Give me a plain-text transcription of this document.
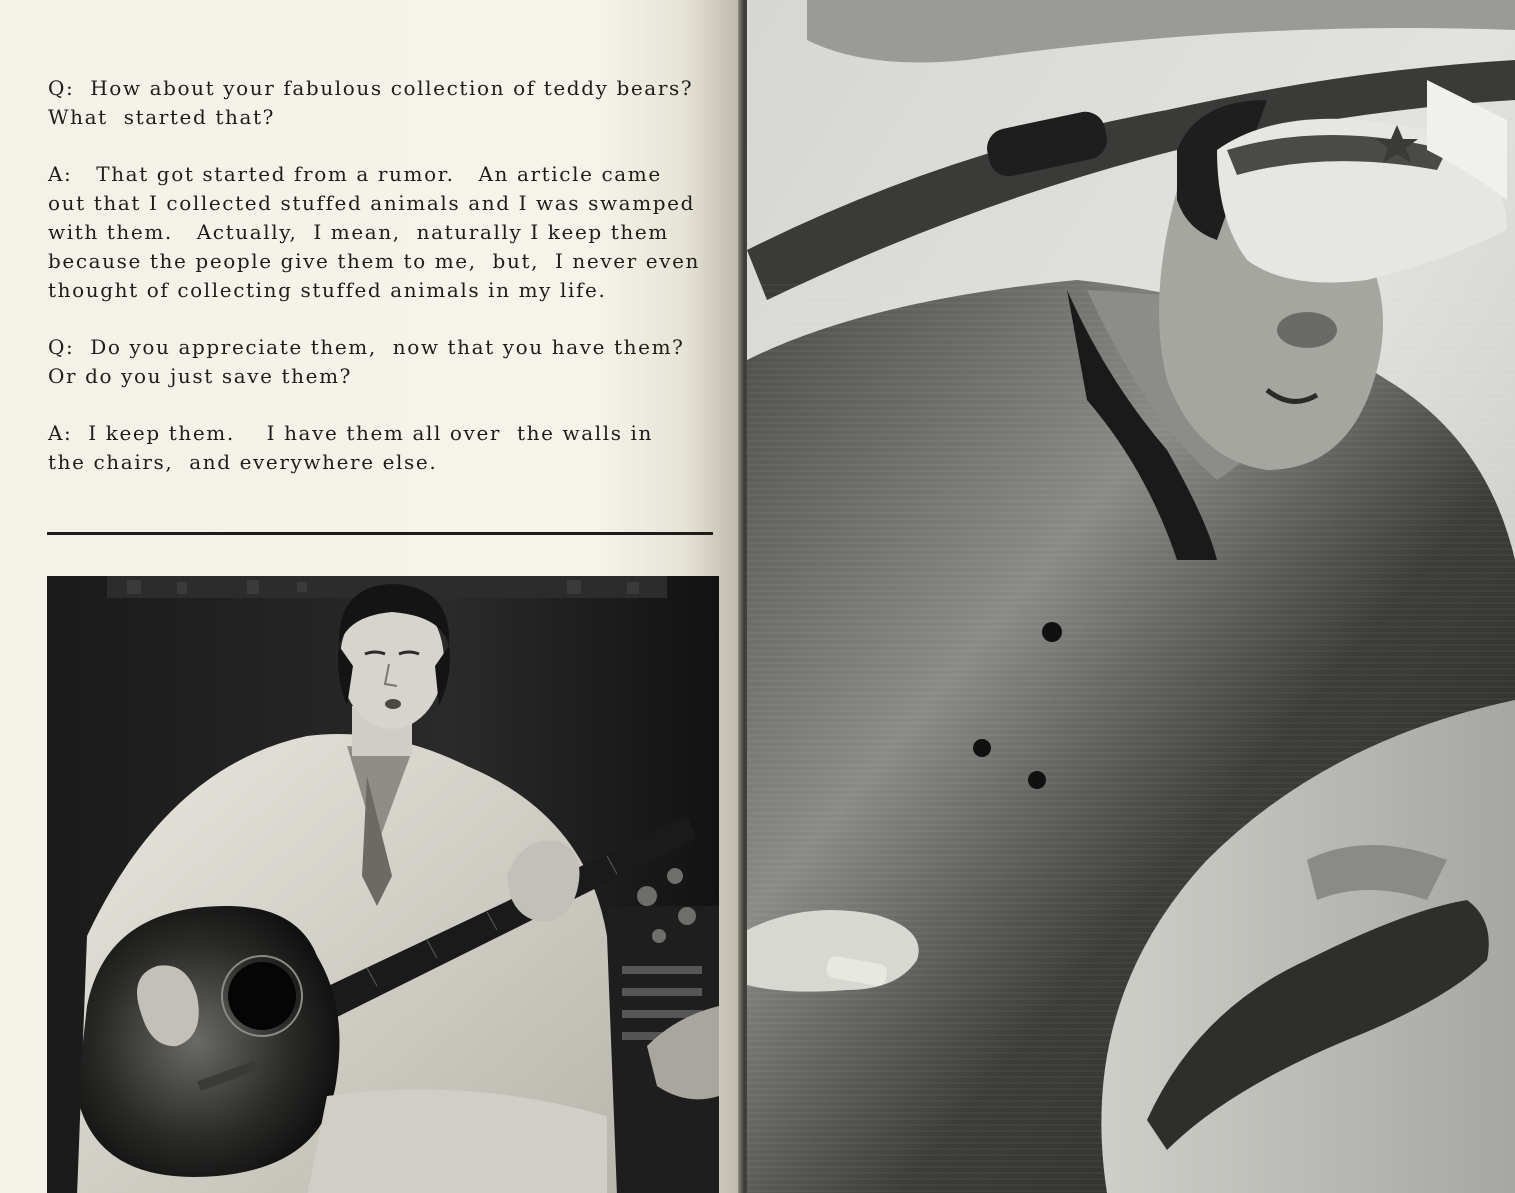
Q:  How about your fabulous collection of teddy bears?
What  started that?

A:   That got started from a rumor.   An article came
out that I collected stuffed animals and I was swamped
with them.   Actually,  I mean,  naturally I keep them
because the people give them to me,  but,  I never even
thought of collecting stuffed animals in my life.

Q:  Do you appreciate them,  now that you have them?
Or do you just save them?

A:  I keep them.    I have them all over  the walls in
the chairs,  and everywhere else.
